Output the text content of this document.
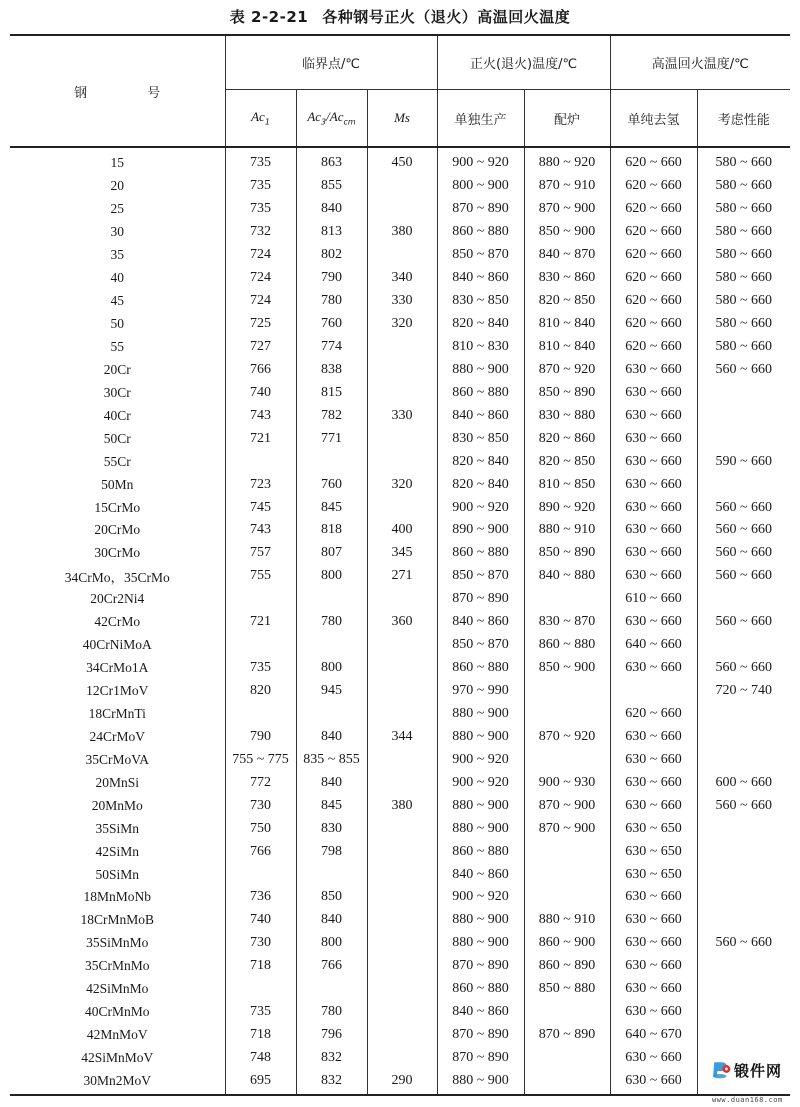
表 2-2-21 各种钢号正火（退火）高温回火温度
钢 号	临界点/℃			正火(退火)温度/℃		高温回火温度/℃	
	$Ac_1$	$Ac_3/Ac_{cm}$	Ms	单独生产	配炉	单纯去氢	考虑性能
15	735	863	450	900 ~ 920	880 ~ 920	620 ~ 660	580 ~ 660
20	735	855		800 ~ 900	870 ~ 910	620 ~ 660	580 ~ 660
25	735	840		870 ~ 890	870 ~ 900	620 ~ 660	580 ~ 660
30	732	813	380	860 ~ 880	850 ~ 900	620 ~ 660	580 ~ 660
35	724	802		850 ~ 870	840 ~ 870	620 ~ 660	580 ~ 660
40	724	790	340	840 ~ 860	830 ~ 860	620 ~ 660	580 ~ 660
45	724	780	330	830 ~ 850	820 ~ 850	620 ~ 660	580 ~ 660
50	725	760	320	820 ~ 840	810 ~ 840	620 ~ 660	580 ~ 660
55	727	774		810 ~ 830	810 ~ 840	620 ~ 660	580 ~ 660
20Cr	766	838		880 ~ 900	870 ~ 920	630 ~ 660	560 ~ 660
30Cr	740	815		860 ~ 880	850 ~ 890	630 ~ 660	
40Cr	743	782	330	840 ~ 860	830 ~ 880	630 ~ 660	
50Cr	721	771		830 ~ 850	820 ~ 860	630 ~ 660	
55Cr				820 ~ 840	820 ~ 850	630 ~ 660	590 ~ 660
50Mn	723	760	320	820 ~ 840	810 ~ 850	630 ~ 660	
15CrMo	745	845		900 ~ 920	890 ~ 920	630 ~ 660	560 ~ 660
20CrMo	743	818	400	890 ~ 900	880 ~ 910	630 ~ 660	560 ~ 660
30CrMo	757	807	345	860 ~ 880	850 ~ 890	630 ~ 660	560 ~ 660
34CrMo，35CrMo	755	800	271	850 ~ 870	840 ~ 880	630 ~ 660	560 ~ 660
20Cr2Ni4				870 ~ 890		610 ~ 660	
42CrMo	721	780	360	840 ~ 860	830 ~ 870	630 ~ 660	560 ~ 660
40CrNiMoA				850 ~ 870	860 ~ 880	640 ~ 660	
34CrMo1A	735	800		860 ~ 880	850 ~ 900	630 ~ 660	560 ~ 660
12Cr1MoV	820	945		970 ~ 990			720 ~ 740
18CrMnTi				880 ~ 900		620 ~ 660	
24CrMoV	790	840	344	880 ~ 900	870 ~ 920	630 ~ 660	
35CrMoVA	755 ~ 775	835 ~ 855		900 ~ 920		630 ~ 660	
20MnSi	772	840		900 ~ 920	900 ~ 930	630 ~ 660	600 ~ 660
20MnMo	730	845	380	880 ~ 900	870 ~ 900	630 ~ 660	560 ~ 660
35SiMn	750	830		880 ~ 900	870 ~ 900	630 ~ 650	
42SiMn	766	798		860 ~ 880		630 ~ 650	
50SiMn				840 ~ 860		630 ~ 650	
18MnMoNb	736	850		900 ~ 920		630 ~ 660	
18CrMnMoB	740	840		880 ~ 900	880 ~ 910	630 ~ 660	
35SiMnMo	730	800		880 ~ 900	860 ~ 900	630 ~ 660	560 ~ 660
35CrMnMo	718	766		870 ~ 890	860 ~ 890	630 ~ 660	
42SiMnMo				860 ~ 880	850 ~ 880	630 ~ 660	
40CrMnMo	735	780		840 ~ 860		630 ~ 660	
42MnMoV	718	796		870 ~ 890	870 ~ 890	640 ~ 670	
42SiMnMoV	748	832		870 ~ 890		630 ~ 660	
30Mn2MoV	695	832	290	880 ~ 900		630 ~ 660	
锻件网
www.duan168.com
